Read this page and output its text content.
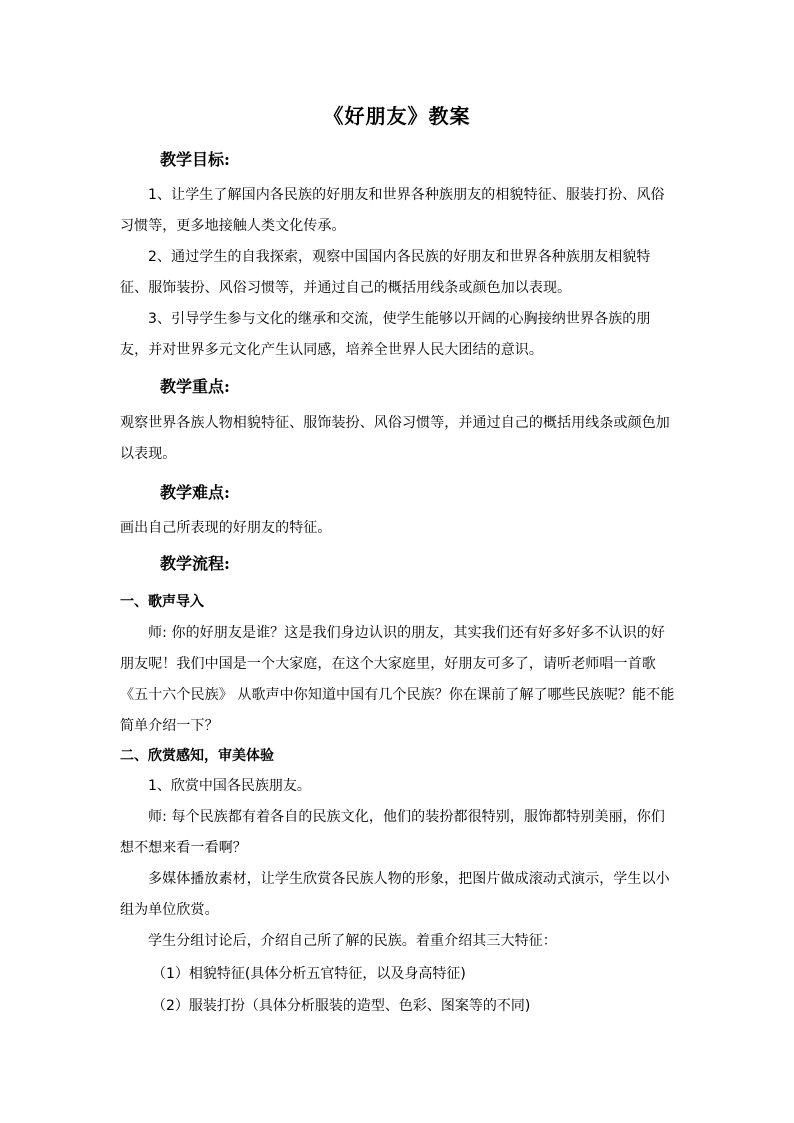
《好朋友》教案
教学目标:
1、让学生了解国内各民族的好朋友和世界各种族朋友的相貌特征、服装打扮、风俗习惯等，更多地接触人类文化传承。
2、通过学生的自我探索，观察中国国内各民族的好朋友和世界各种族朋友相貌特征、服饰装扮、风俗习惯等，并通过自己的概括用线条或颜色加以表现。
3、引导学生参与文化的继承和交流，使学生能够以开阔的心胸接纳世界各族的朋友，并对世界多元文化产生认同感，培养全世界人民大团结的意识。
教学重点:
观察世界各族人物相貌特征、服饰装扮、风俗习惯等，并通过自己的概括用线条或颜色加以表现。
教学难点:
画出自己所表现的好朋友的特征。
教学流程:
一、歌声导入
师: 你的好朋友是谁？这是我们身边认识的朋友，其实我们还有好多好多不认识的好朋友呢！我们中国是一个大家庭，在这个大家庭里，好朋友可多了，请听老师唱一首歌《五十六个民族》 从歌声中你知道中国有几个民族？你在课前了解了哪些民族呢？能不能简单介绍一下？
二、欣赏感知，审美体验
1、欣赏中国各民族朋友。
师: 每个民族都有着各自的民族文化，他们的装扮都很特别，服饰都特别美丽，你们想不想来看一看啊？
多媒体播放素材，让学生欣赏各民族人物的形象，把图片做成滚动式演示，学生以小组为单位欣赏。
学生分组讨论后，介绍自己所了解的民族。着重介绍其三大特征：
（1）相貌特征(具体分析五官特征，以及身高特征)
（2）服装打扮（具体分析服装的造型、色彩、图案等的不同)
